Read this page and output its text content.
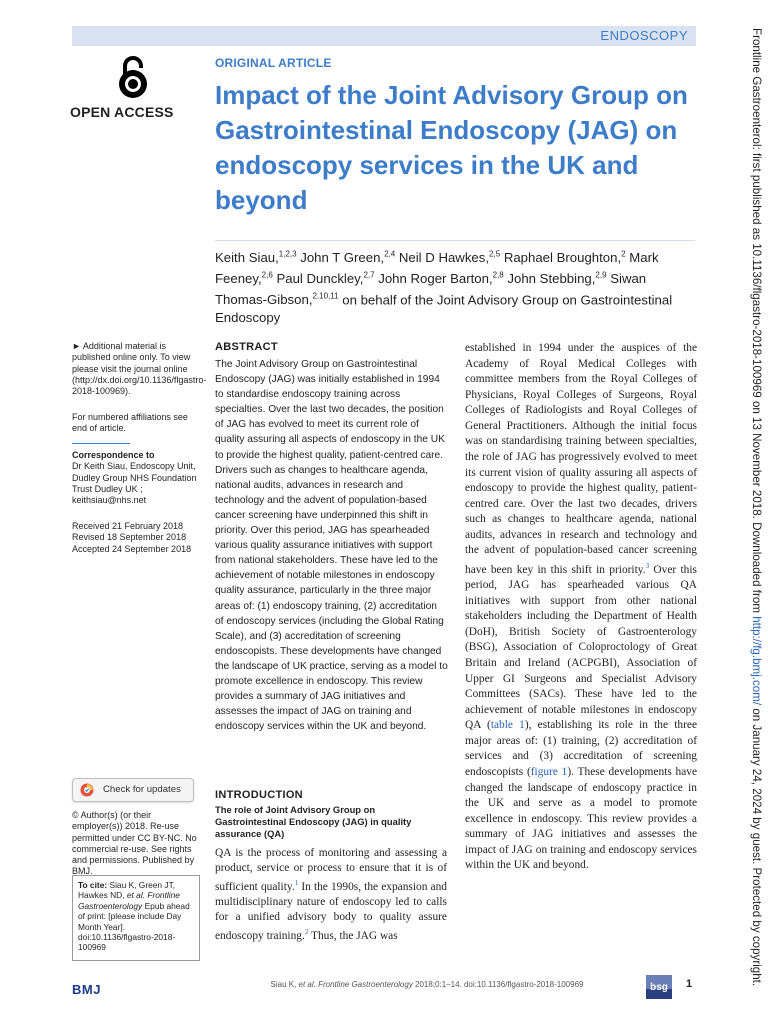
ENDOSCOPY	Frontline Gastroenterol: first published as 10.1136/flgastro-2018-100969 on 13 November 2018. Downloaded from http://fg.bmj.com/ on January 24, 2024 by guest. Protected by copyright.
OPEN ACCESS
ORIGINAL ARTICLE
Impact of the Joint Advisory Group on Gastrointestinal Endoscopy (JAG) on endoscopy services in the UK and beyond
Keith Siau,$^{1,2,3}$ John T Green,$^{2,4}$ Neil D Hawkes,$^{2,5}$ Raphael Broughton,$^2$ Mark Feeney,$^{2,6}$ Paul Dunckley,$^{2,7}$ John Roger Barton,$^{2,8}$ John Stebbing,$^{2,9}$ Siwan Thomas-Gibson,$^{2,10,11}$ on behalf of the Joint Advisory Group on Gastrointestinal Endoscopy
► Additional material is published online only. To view please visit the journal online (http://dx.doi.org/10.1136/flgastro-2018-100969).
For numbered affiliations see end of article.
Correspondence to
Dr Keith Siau, Endoscopy Unit, Dudley Group NHS Foundation Trust Dudley UK ; keithsiau@nhs.net
Received 21 February 2018
Revised 18 September 2018
Accepted 24 September 2018
Check for updates
© Author(s) (or their employer(s)) 2018. Re-use permitted under CC BY-NC. No commercial re-use. See rights and permissions. Published by BMJ.
To cite: Siau K, Green JT, Hawkes ND, et al. Frontline Gastroenterology Epub ahead of print: [please include Day Month Year]. doi:10.1136/flgastro-2018-100969
ABSTRACT
The Joint Advisory Group on Gastrointestinal Endoscopy (JAG) was initially established in 1994 to standardise endoscopy training across specialties. Over the last two decades, the position of JAG has evolved to meet its current role of quality assuring all aspects of endoscopy in the UK to provide the highest quality, patient-centred care. Drivers such as changes to healthcare agenda, national audits, advances in research and technology and the advent of population-based cancer screening have underpinned this shift in priority. Over this period, JAG has spearheaded various quality assurance initiatives with support from national stakeholders. These have led to the achievement of notable milestones in endoscopy quality assurance, particularly in the three major areas of: (1) endoscopy training, (2) accreditation of endoscopy services (including the Global Rating Scale), and (3) accreditation of screening endoscopists. These developments have changed the landscape of UK practice, serving as a model to promote excellence in endoscopy. This review provides a summary of JAG initiatives and assesses the impact of JAG on training and endoscopy services within the UK and beyond.
INTRODUCTION
The role of Joint Advisory Group on Gastrointestinal Endoscopy (JAG) in quality assurance (QA)
QA is the process of monitoring and assessing a product, service or process to ensure that it is of sufficient quality.$^1$ In the 1990s, the expansion and multidisciplinary nature of endoscopy led to calls for a unified advisory body to quality assure endoscopy training.$^2$ Thus, the JAG was
established in 1994 under the auspices of the Academy of Royal Medical Colleges with committee members from the Royal Colleges of Physicians, Royal Colleges of Surgeons, Royal Colleges of Radiologists and Royal Colleges of General Practitioners. Although the initial focus was on standardising training between specialties, the role of JAG has progressively evolved to meet its current vision of quality assuring all aspects of endoscopy to provide the highest quality, patient-centred care. Over the last two decades, drivers such as changes to healthcare agenda, national audits, advances in research and technology and the advent of population-based cancer screening have been key in this shift in priority.$^3$ Over this period, JAG has spearheaded various QA initiatives with support from other national stakeholders including the Department of Health (DoH), British Society of Gastroenterology (BSG), Association of Coloproctology of Great Britain and Ireland (ACPGBI), Association of Upper GI Surgeons and Specialist Advisory Committees (SACs). These have led to the achievement of notable milestones in endoscopy QA (table 1), establishing its role in the three major areas of: (1) training, (2) accreditation of services and (3) accreditation of screening endoscopists (figure 1). These developments have changed the landscape of endoscopy practice in the UK and serve as a model to promote excellence in endoscopy. This review provides a summary of JAG initiatives and assesses the impact of JAG on training and endoscopy services within the UK and beyond.
BMJ	Siau K, et al. Frontline Gastroenterology 2018;0:1–14. doi:10.1136/flgastro-2018-100969	bsg 1
